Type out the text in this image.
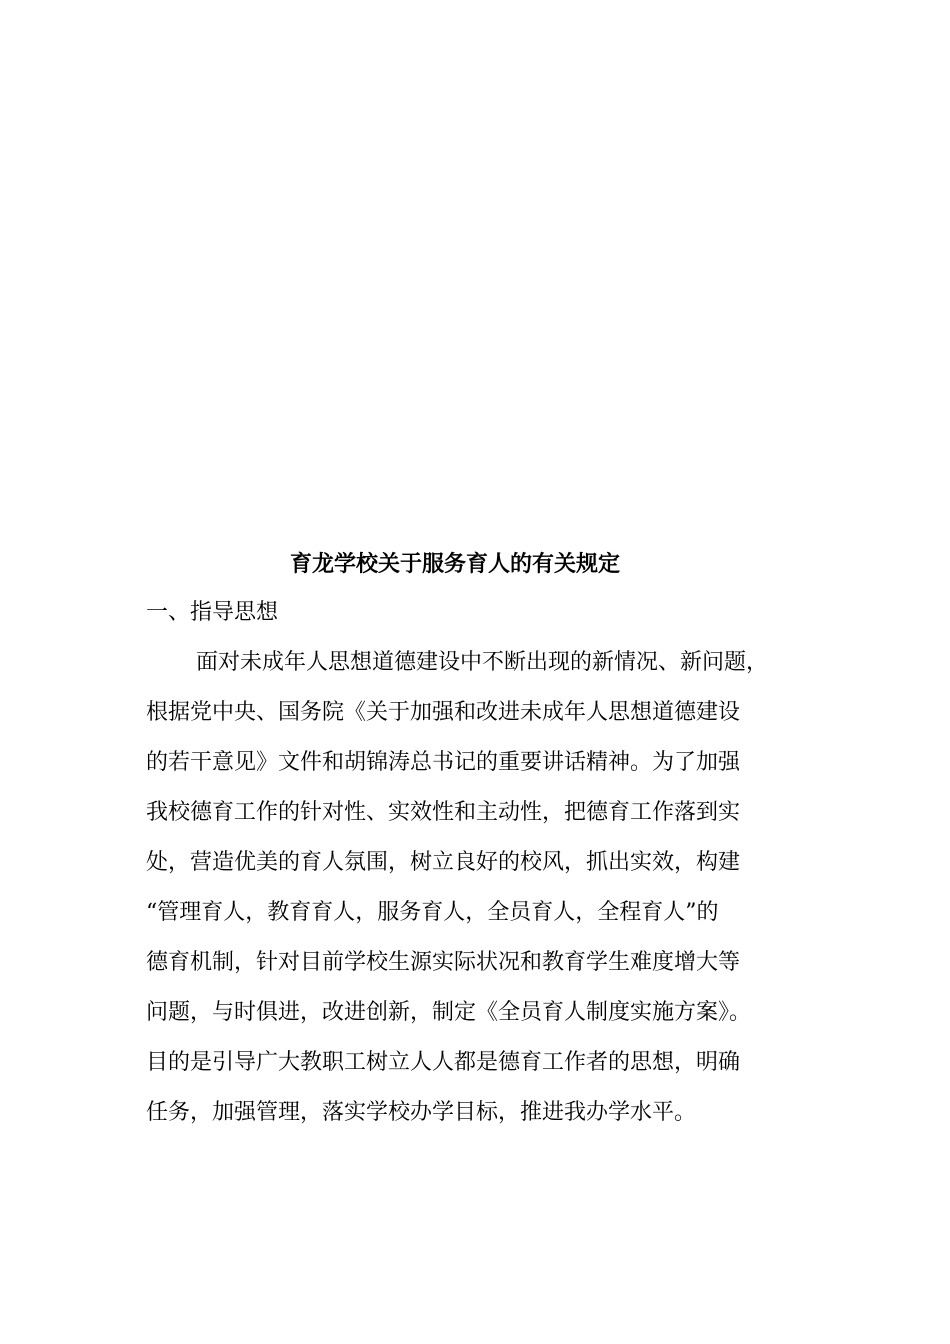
育龙学校关于服务育人的有关规定
一、指导思想
面对未成年人思想道德建设中不断出现的新情况、新问题，
根据党中央、国务院《关于加强和改进未成年人思想道德建设
的若干意见》文件和胡锦涛总书记的重要讲话精神。为了加强
我校德育工作的针对性、实效性和主动性，把德育工作落到实
处，营造优美的育人氛围，树立良好的校风，抓出实效，构建
“管理育人，教育育人，服务育人，全员育人，全程育人”的
德育机制，针对目前学校生源实际状况和教育学生难度增大等
问题，与时俱进，改进创新，制定《全员育人制度实施方案》。
目的是引导广大教职工树立人人都是德育工作者的思想，明确
任务，加强管理，落实学校办学目标，推进我办学水平。
